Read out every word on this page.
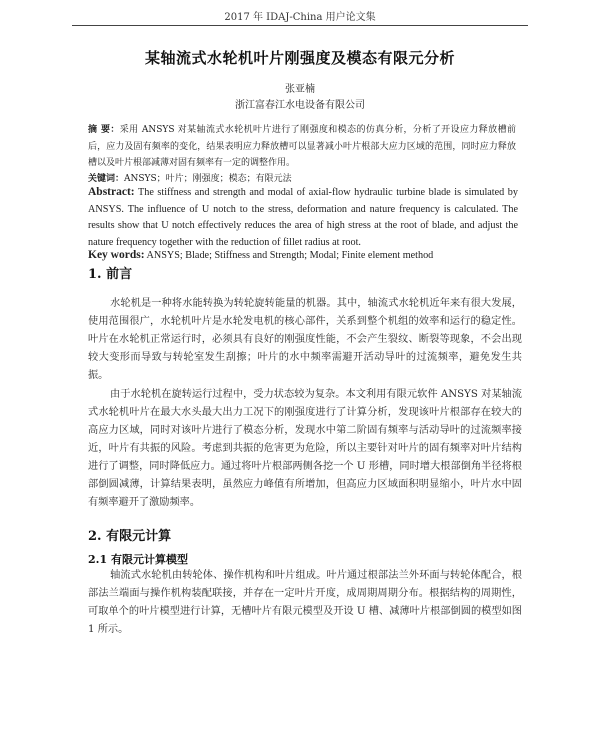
2017 年 IDAJ-China 用户论文集
某轴流式水轮机叶片刚强度及模态有限元分析
张亚楠
浙江富春江水电设备有限公司
摘 要：采用 ANSYS 对某轴流式水轮机叶片进行了刚强度和模态的仿真分析，分析了开设应力释放槽前后，应力及固有频率的变化，结果表明应力释放槽可以显著减小叶片根部大应力区域的范围，同时应力释放槽以及叶片根部减薄对固有频率有一定的调整作用。
关键词：ANSYS；叶片；刚强度；模态；有限元法
Abstract: The stiffness and strength and modal of axial-flow hydraulic turbine blade is simulated by ANSYS. The influence of U notch to the stress, deformation and nature frequency is calculated. The results show that U notch effectively reduces the area of high stress at the root of blade, and adjust the nature frequency together with the reduction of fillet radius at root.
Key words: ANSYS; Blade; Stiffness and Strength; Modal; Finite element method
1. 前言
水轮机是一种将水能转换为转轮旋转能量的机器。其中，轴流式水轮机近年来有很大发展，使用范围很广，水轮机叶片是水轮发电机的核心部件，关系到整个机组的效率和运行的稳定性。叶片在水轮机正常运行时，必须具有良好的刚强度性能，不会产生裂纹、断裂等现象，不会出现较大变形而导致与转轮室发生刮擦；叶片的水中频率需避开活动导叶的过流频率，避免发生共振。
由于水轮机在旋转运行过程中，受力状态较为复杂。本文利用有限元软件 ANSYS 对某轴流式水轮机叶片在最大水头最大出力工况下的刚强度进行了计算分析，发现该叶片根部存在较大的高应力区域，同时对该叶片进行了模态分析，发现水中第二阶固有频率与活动导叶的过流频率接近，叶片有共振的风险。考虑到共振的危害更为危险，所以主要针对叶片的固有频率对叶片结构进行了调整，同时降低应力。通过将叶片根部两侧各挖一个 U 形槽，同时增大根部倒角半径将根部倒圆减薄，计算结果表明，虽然应力峰值有所增加，但高应力区域面积明显缩小，叶片水中固有频率避开了激励频率。
2. 有限元计算
2.1 有限元计算模型
轴流式水轮机由转轮体、操作机构和叶片组成。叶片通过根部法兰外环面与转轮体配合，根部法兰端面与操作机构装配联接，并存在一定叶片开度，成周期周期分布。根据结构的周期性，可取单个的叶片模型进行计算，无槽叶片有限元模型及开设 U 槽、减薄叶片根部倒圆的模型如图 1 所示。
